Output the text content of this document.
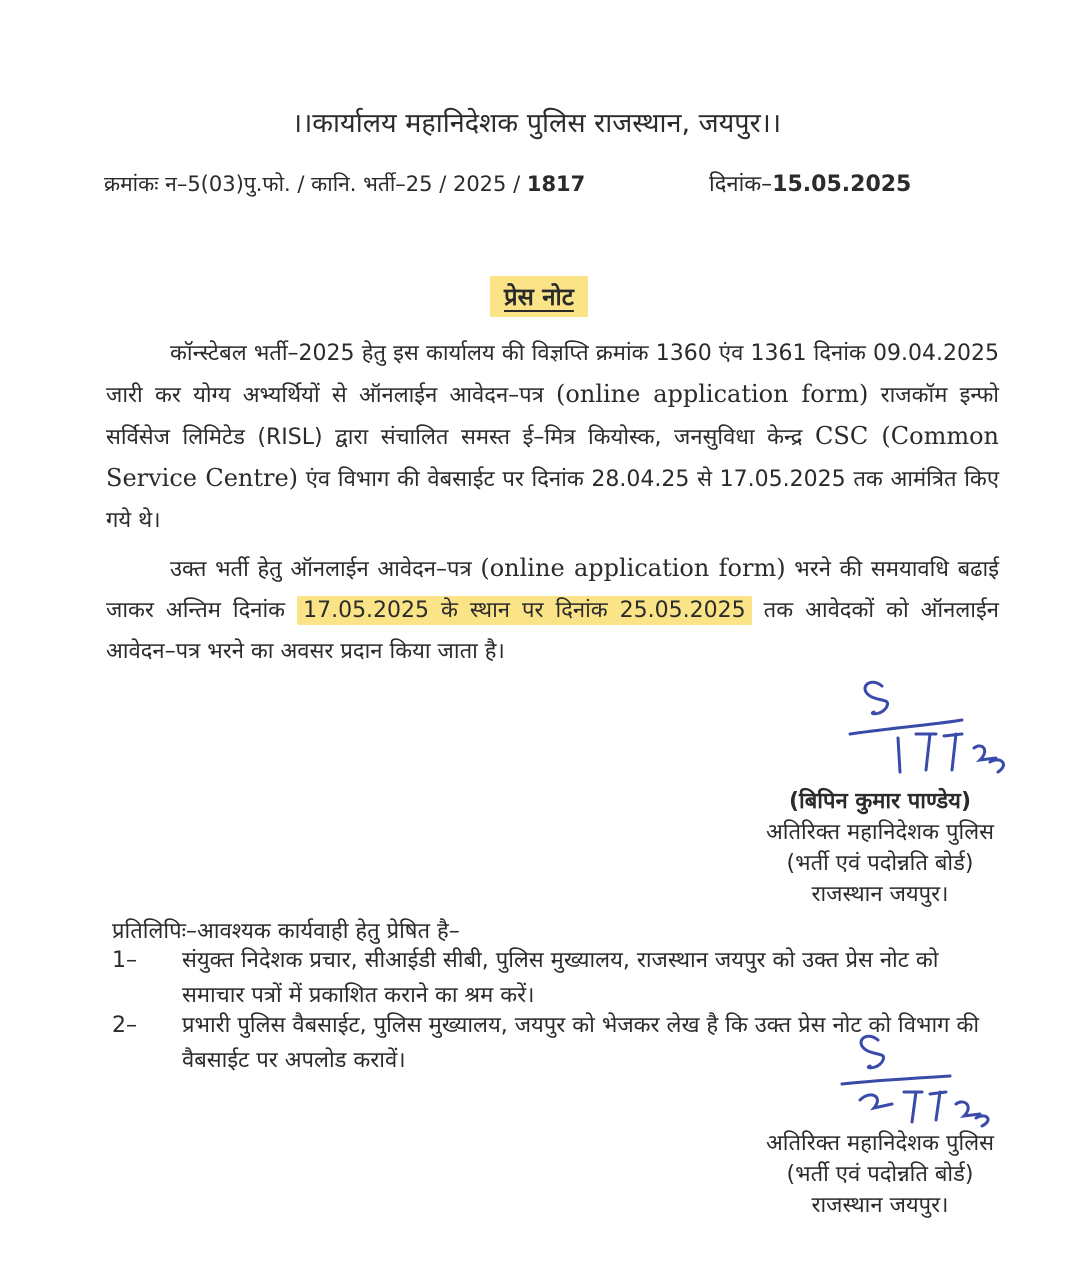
।।कार्यालय महानिदेशक पुलिस राजस्थान, जयपुर।।
क्रमांकः न–5(03)पु.फो. / कानि. भर्ती–25 / 2025 / 1817	दिनांक–15.05.2025
प्रेस नोट
कॉन्स्टेबल भर्ती–2025 हेतु इस कार्यालय की विज्ञप्ति क्रमांक 1360 एंव 1361 दिनांक 09.04.2025 जारी कर योग्य अभ्यर्थियों से ऑनलाईन आवेदन–पत्र (online application form) राजकॉम इन्फो सर्विसेज लिमिटेड (RISL) द्वारा संचालित समस्त ई–मित्र कियोस्क, जनसुविधा केन्द्र CSC (Common Service Centre) एंव विभाग की वेबसाईट पर दिनांक 28.04.25 से 17.05.2025 तक आमंत्रित किए गये थे।
उक्त भर्ती हेतु ऑनलाईन आवेदन–पत्र (online application form) भरने की समयावधि बढाई जाकर अन्तिम दिनांक 17.05.2025 के स्थान पर दिनांक 25.05.2025 तक आवेदकों को ऑनलाईन आवेदन–पत्र भरने का अवसर प्रदान किया जाता है।
(बिपिन कुमार पाण्डेय)
अतिरिक्त महानिदेशक पुलिस
(भर्ती एवं पदोन्नति बोर्ड)
राजस्थान जयपुर।
प्रतिलिपिः–आवश्यक कार्यवाही हेतु प्रेषित है–
1–	संयुक्त निदेशक प्रचार, सीआईडी सीबी, पुलिस मुख्यालय, राजस्थान जयपुर को उक्त प्रेस नोट को समाचार पत्रों में प्रकाशित कराने का श्रम करें।
2–	प्रभारी पुलिस वैबसाईट, पुलिस मुख्यालय, जयपुर को भेजकर लेख है कि उक्त प्रेस नोट को विभाग की वैबसाईट पर अपलोड करावें।
अतिरिक्त महानिदेशक पुलिस
(भर्ती एवं पदोन्नति बोर्ड)
राजस्थान जयपुर।
